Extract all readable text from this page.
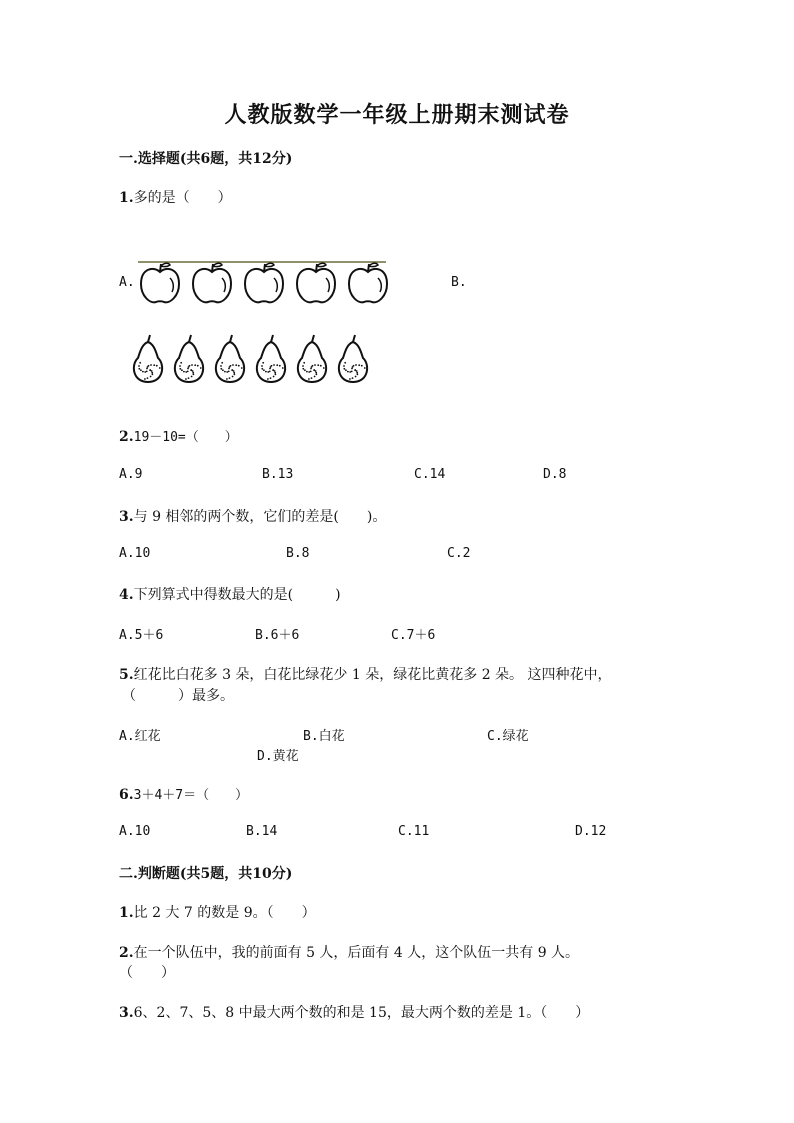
人教版数学一年级上册期末测试卷
一.选择题(共6题，共12分)
1.多的是（　　）
A.	B.
2.19－10=（　　）
A.9	B.13	C.14	D.8
3.与 9 相邻的两个数，它们的差是(　　)。
A.10	B.8	C.2
4.下列算式中得数最大的是(　　　)
A.5＋6	B.6＋6	C.7＋6
5.红花比白花多 3 朵，白花比绿花少 1 朵，绿花比黄花多 2 朵。 这四种花中，
（　　　）最多。
A.红花	B.白花	C.绿花
D.黄花
6.3＋4＋7＝（　　）
A.10	B.14	C.11	D.12
二.判断题(共5题，共10分)
1.比 2 大 7 的数是 9。（　　）
2.在一个队伍中，我的前面有 5 人，后面有 4 人，这个队伍一共有 9 人。
（　　）
3.6、2、7、5、8 中最大两个数的和是 15，最大两个数的差是 1。（　　）
